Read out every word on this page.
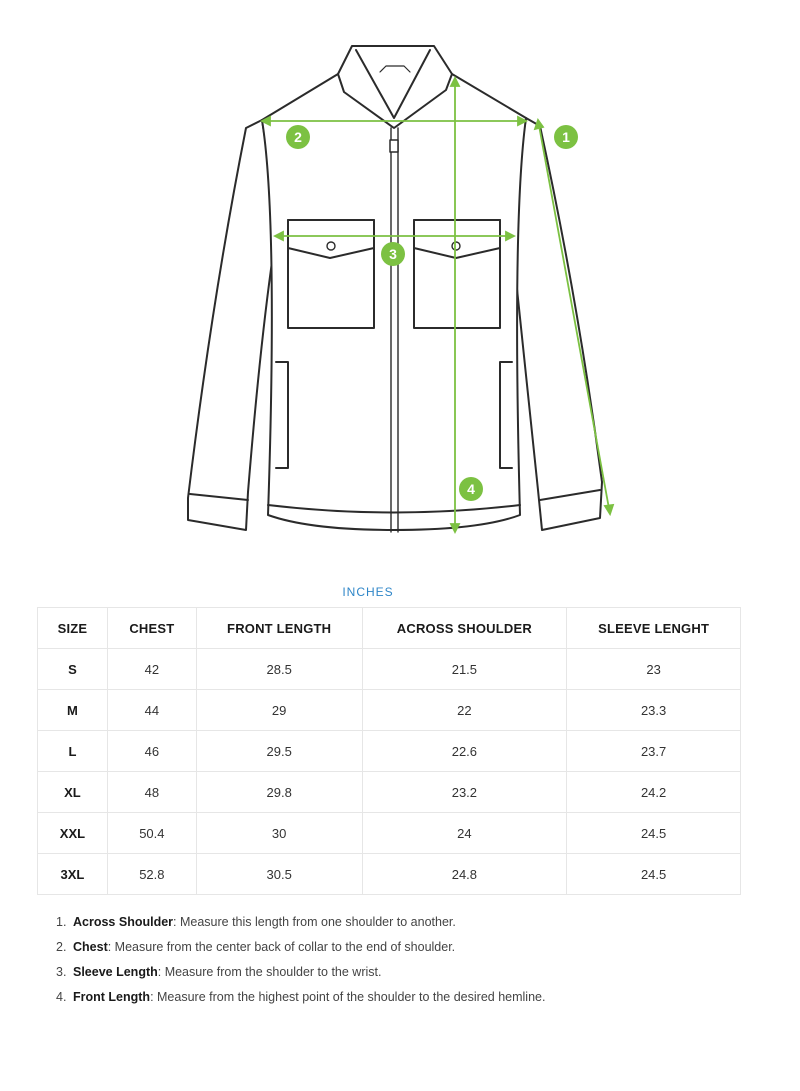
1
2
3
4
INCHES
SIZE	CHEST	FRONT LENGTH	ACROSS SHOULDER	SLEEVE LENGHT
S	42	28.5	21.5	23
M	44	29	22	23.3
L	46	29.5	22.6	23.7
XL	48	29.8	23.2	24.2
XXL	50.4	30	24	24.5
3XL	52.8	30.5	24.8	24.5
1. Across Shoulder: Measure this length from one shoulder to another.
2. Chest: Measure from the center back of collar to the end of shoulder.
3. Sleeve Length: Measure from the shoulder to the wrist.
4. Front Length: Measure from the highest point of the shoulder to the desired hemline.
